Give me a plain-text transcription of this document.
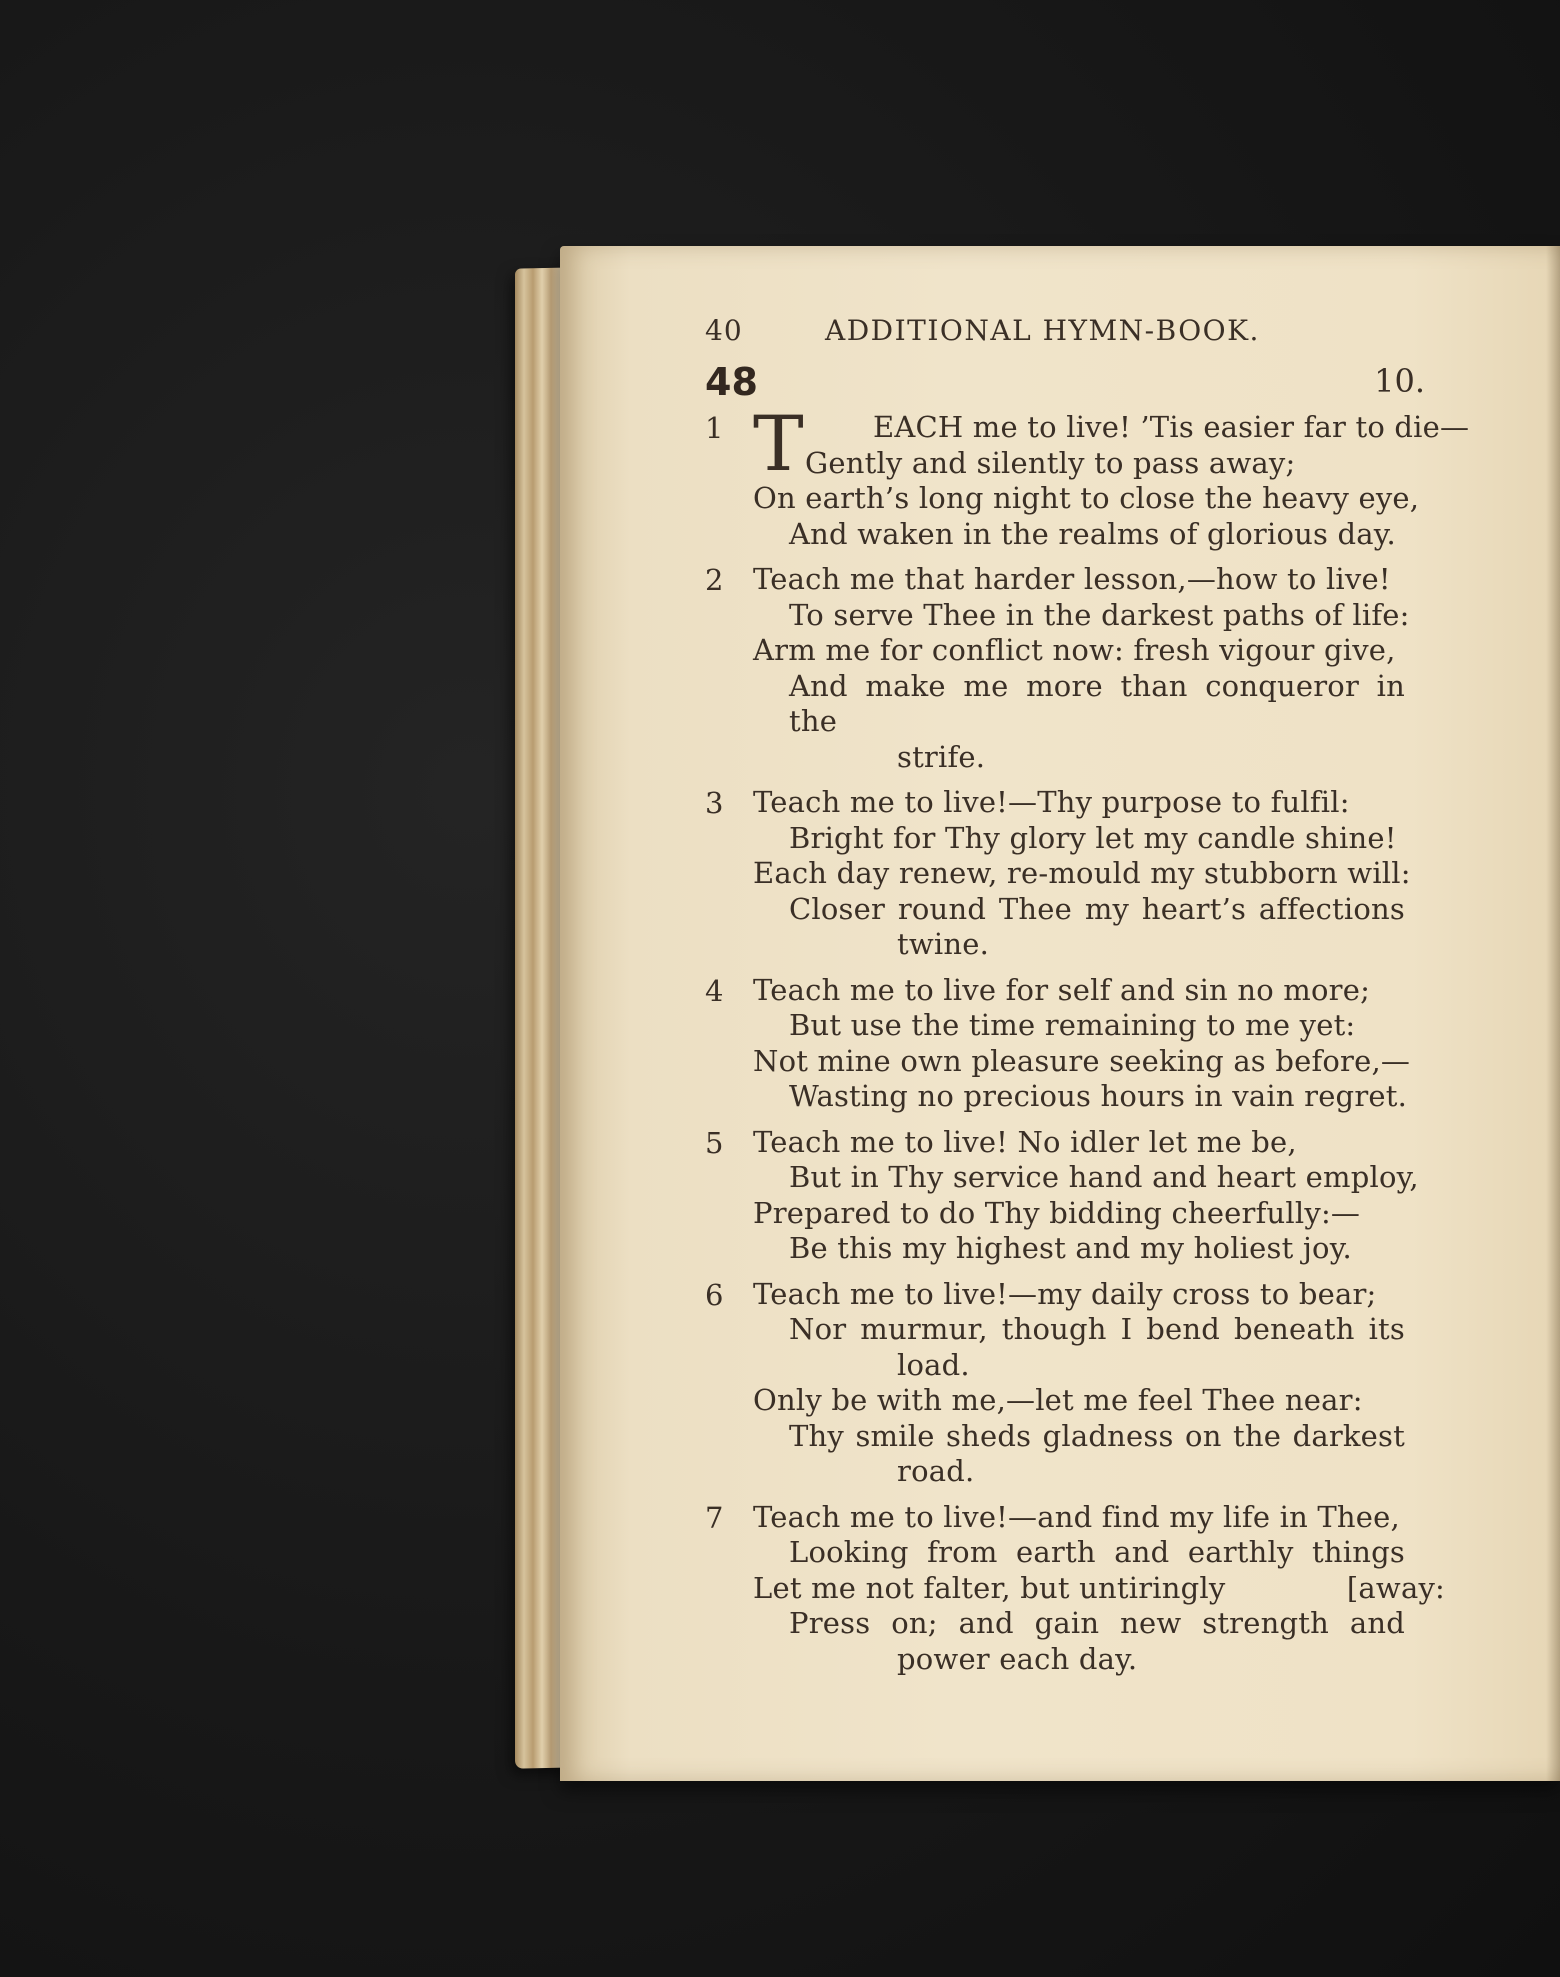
40	ADDITIONAL HYMN-BOOK.
48	10.
1 T EACH me to live! ’Tis easier far to die—
Gently and silently to pass away;
On earth’s long night to close the heavy eye,
And waken in the realms of glorious day.
2	Teach me that harder lesson,—how to live!
To serve Thee in the darkest paths of life:
Arm me for conflict now: fresh vigour give,
And make me more than conqueror in the
strife.
3	Teach me to live!—Thy purpose to fulfil:
Bright for Thy glory let my candle shine!
Each day renew, re-mould my stubborn will:
Closer round Thee my heart’s affections
twine.
4	Teach me to live for self and sin no more;
But use the time remaining to me yet:
Not mine own pleasure seeking as before,—
Wasting no precious hours in vain regret.
5	Teach me to live! No idler let me be,
But in Thy service hand and heart employ,
Prepared to do Thy bidding cheerfully:—
Be this my highest and my holiest joy.
6	Teach me to live!—my daily cross to bear;
Nor murmur, though I bend beneath its
load.
Only be with me,—let me feel Thee near:
Thy smile sheds gladness on the darkest
road.
7	Teach me to live!—and find my life in Thee,
Looking from earth and earthly things
Let me not falter, but untiringly	[away:
Press on; and gain new strength and
power each day.
